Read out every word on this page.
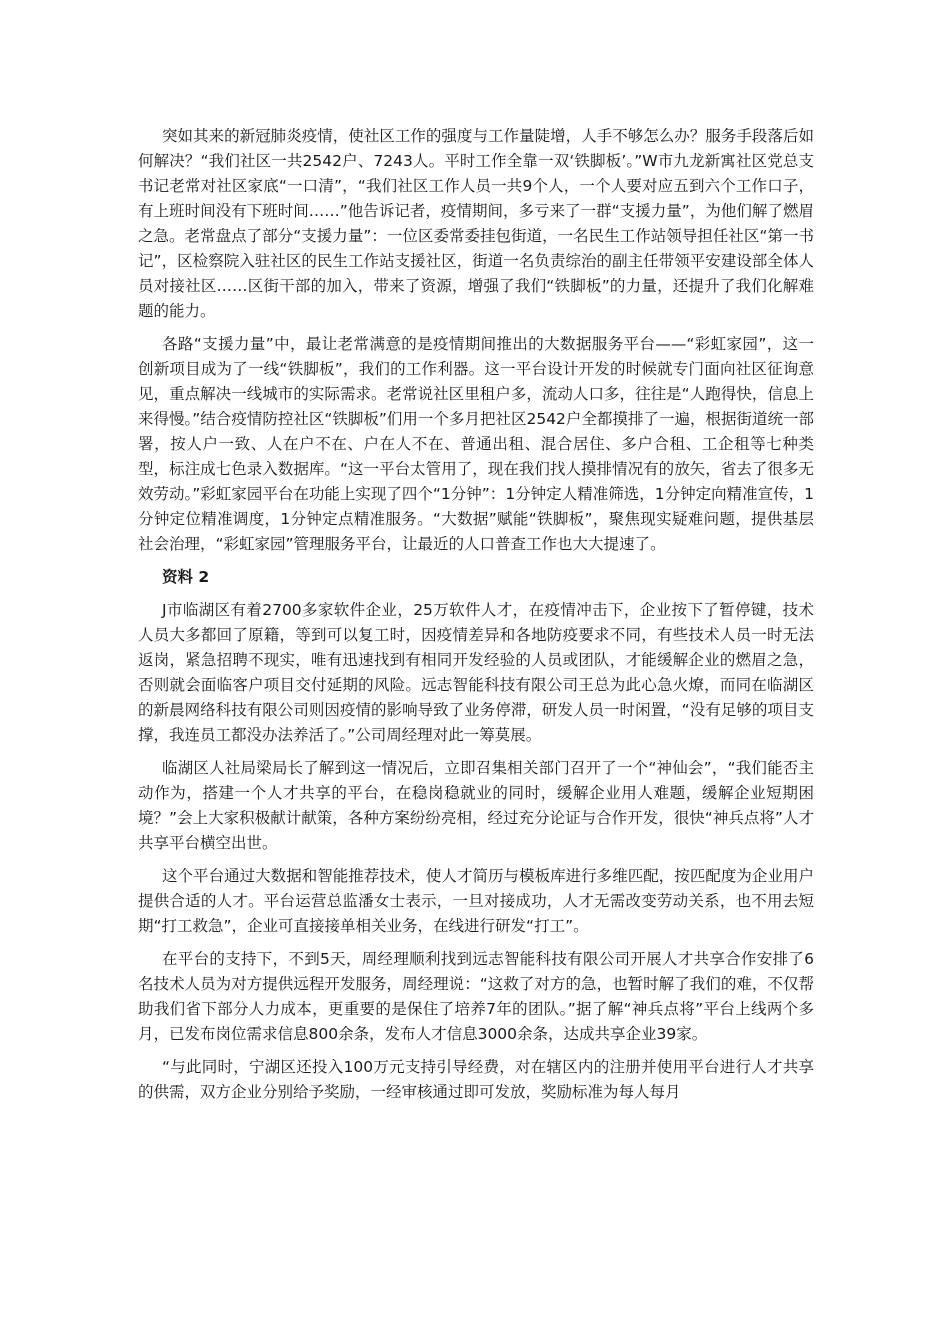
突如其来的新冠肺炎疫情，使社区工作的强度与工作量陡增，人手不够怎么办？服务手段落后如何解决？“我们社区一共2542户、7243人。平时工作全靠一双‘铁脚板’。”W市九龙新寓社区党总支书记老常对社区家底“一口清”，“我们社区工作人员一共9个人，一个人要对应五到六个工作口子，有上班时间没有下班时间……”他告诉记者，疫情期间，多亏来了一群“支援力量”，为他们解了燃眉之急。老常盘点了部分“支援力量”：一位区委常委挂包街道，一名民生工作站领导担任社区“第一书记”，区检察院入驻社区的民生工作站支援社区，街道一名负责综治的副主任带领平安建设部全体人员对接社区……区街干部的加入，带来了资源，增强了我们“铁脚板”的力量，还提升了我们化解难题的能力。

各路“支援力量”中，最让老常满意的是疫情期间推出的大数据服务平台——“彩虹家园”，这一创新项目成为了一线“铁脚板”，我们的工作利器。这一平台设计开发的时候就专门面向社区征询意见，重点解决一线城市的实际需求。老常说社区里租户多，流动人口多，往往是“人跑得快，信息上来得慢。”结合疫情防控社区“铁脚板”们用一个多月把社区2542户全都摸排了一遍，根据街道统一部署，按人户一致、人在户不在、户在人不在、普通出租、混合居住、多户合租、工企租等七种类型，标注成七色录入数据库。“这一平台太管用了，现在我们找人摸排情况有的放矢，省去了很多无效劳动。”彩虹家园平台在功能上实现了四个“1分钟”：1分钟定人精准筛选，1分钟定向精准宣传，1分钟定位精准调度，1分钟定点精准服务。“大数据”赋能“铁脚板”，聚焦现实疑难问题，提供基层社会治理，“彩虹家园”管理服务平台，让最近的人口普查工作也大大提速了。

资料 2

J市临湖区有着2700多家软件企业，25万软件人才，在疫情冲击下，企业按下了暂停键，技术人员大多都回了原籍，等到可以复工时，因疫情差异和各地防疫要求不同，有些技术人员一时无法返岗，紧急招聘不现实，唯有迅速找到有相同开发经验的人员或团队，才能缓解企业的燃眉之急，否则就会面临客户项目交付延期的风险。远志智能科技有限公司王总为此心急火燎，而同在临湖区的新晨网络科技有限公司则因疫情的影响导致了业务停滞，研发人员一时闲置，“没有足够的项目支撑，我连员工都没办法养活了。”公司周经理对此一筹莫展。

临湖区人社局梁局长了解到这一情况后，立即召集相关部门召开了一个“神仙会”，“我们能否主动作为，搭建一个人才共享的平台，在稳岗稳就业的同时，缓解企业用人难题，缓解企业短期困境？”会上大家积极献计献策，各种方案纷纷亮相，经过充分论证与合作开发，很快“神兵点将”人才共享平台横空出世。

这个平台通过大数据和智能推荐技术，使人才简历与模板库进行多维匹配，按匹配度为企业用户提供合适的人才。平台运营总监潘女士表示，一旦对接成功，人才无需改变劳动关系，也不用去短期“打工救急”，企业可直接接单相关业务，在线进行研发“打工”。

在平台的支持下，不到5天，周经理顺利找到远志智能科技有限公司开展人才共享合作安排了6名技术人员为对方提供远程开发服务，周经理说：“这救了对方的急，也暂时解了我们的难，不仅帮助我们省下部分人力成本，更重要的是保住了培养7年的团队。”据了解“神兵点将”平台上线两个多月，已发布岗位需求信息800余条，发布人才信息3000余条，达成共享企业39家。

“与此同时，宁湖区还投入100万元支持引导经费，对在辖区内的注册并使用平台进行人才共享的供需，双方企业分别给予奖励，一经审核通过即可发放，奖励标准为每人每月
